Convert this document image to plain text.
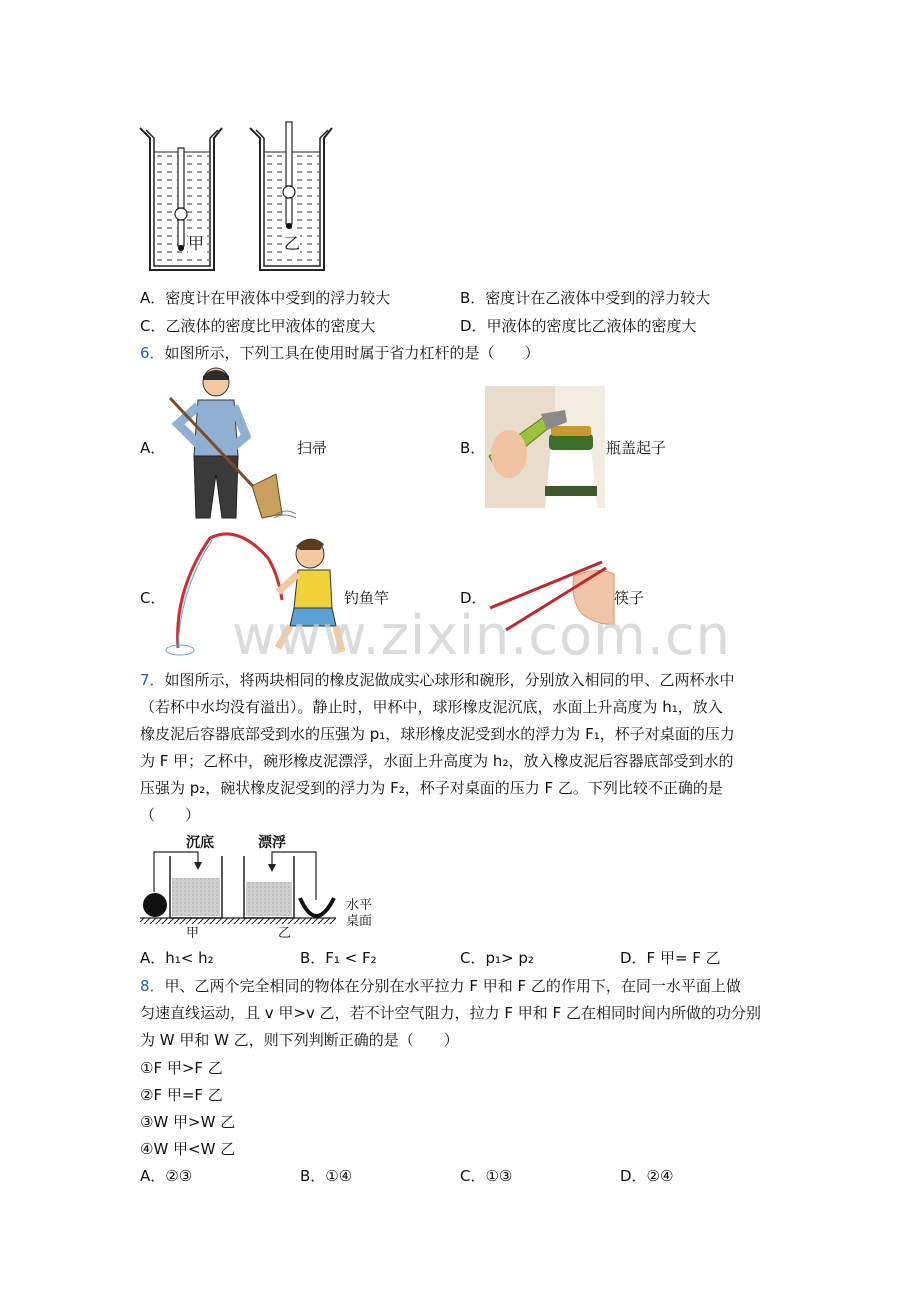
甲	乙
A．密度计在甲液体中受到的浮力较大	B．密度计在乙液体中受到的浮力较大
C．乙液体的密度比甲液体的密度大	D．甲液体的密度比乙液体的密度大
6．如图所示，下列工具在使用时属于省力杠杆的是（　　）
A．	扫帚	B．	瓶盖起子
C．	钓鱼竿	D．	筷子
www.zixin.com.cn
7．如图所示，将两块相同的橡皮泥做成实心球形和碗形，分别放入相同的甲、乙两杯水中
（若杯中水均没有溢出）。静止时，甲杯中，球形橡皮泥沉底，水面上升高度为 h₁，放入
橡皮泥后容器底部受到水的压强为 p₁，球形橡皮泥受到水的浮力为 F₁，杯子对桌面的压力
为 F 甲；乙杯中，碗形橡皮泥漂浮，水面上升高度为 h₂，放入橡皮泥后容器底部受到水的
压强为 p₂，碗状橡皮泥受到的浮力为 F₂，杯子对桌面的压力 F 乙。下列比较不正确的是
（　　）
沉底	漂浮
甲	乙
水平
桌面
A．h₁< h₂	B．F₁ < F₂	C．p₁> p₂	D．F 甲= F 乙
8．甲、乙两个完全相同的物体在分别在水平拉力 F 甲和 F 乙的作用下，在同一水平面上做
匀速直线运动，且 v 甲>v 乙，若不计空气阻力，拉力 F 甲和 F 乙在相同时间内所做的功分别
为 W 甲和 W 乙，则下列判断正确的是（　　）
①F 甲>F 乙
②F 甲=F 乙
③W 甲>W 乙
④W 甲<W 乙
A．②③	B．①④	C．①③	D．②④
